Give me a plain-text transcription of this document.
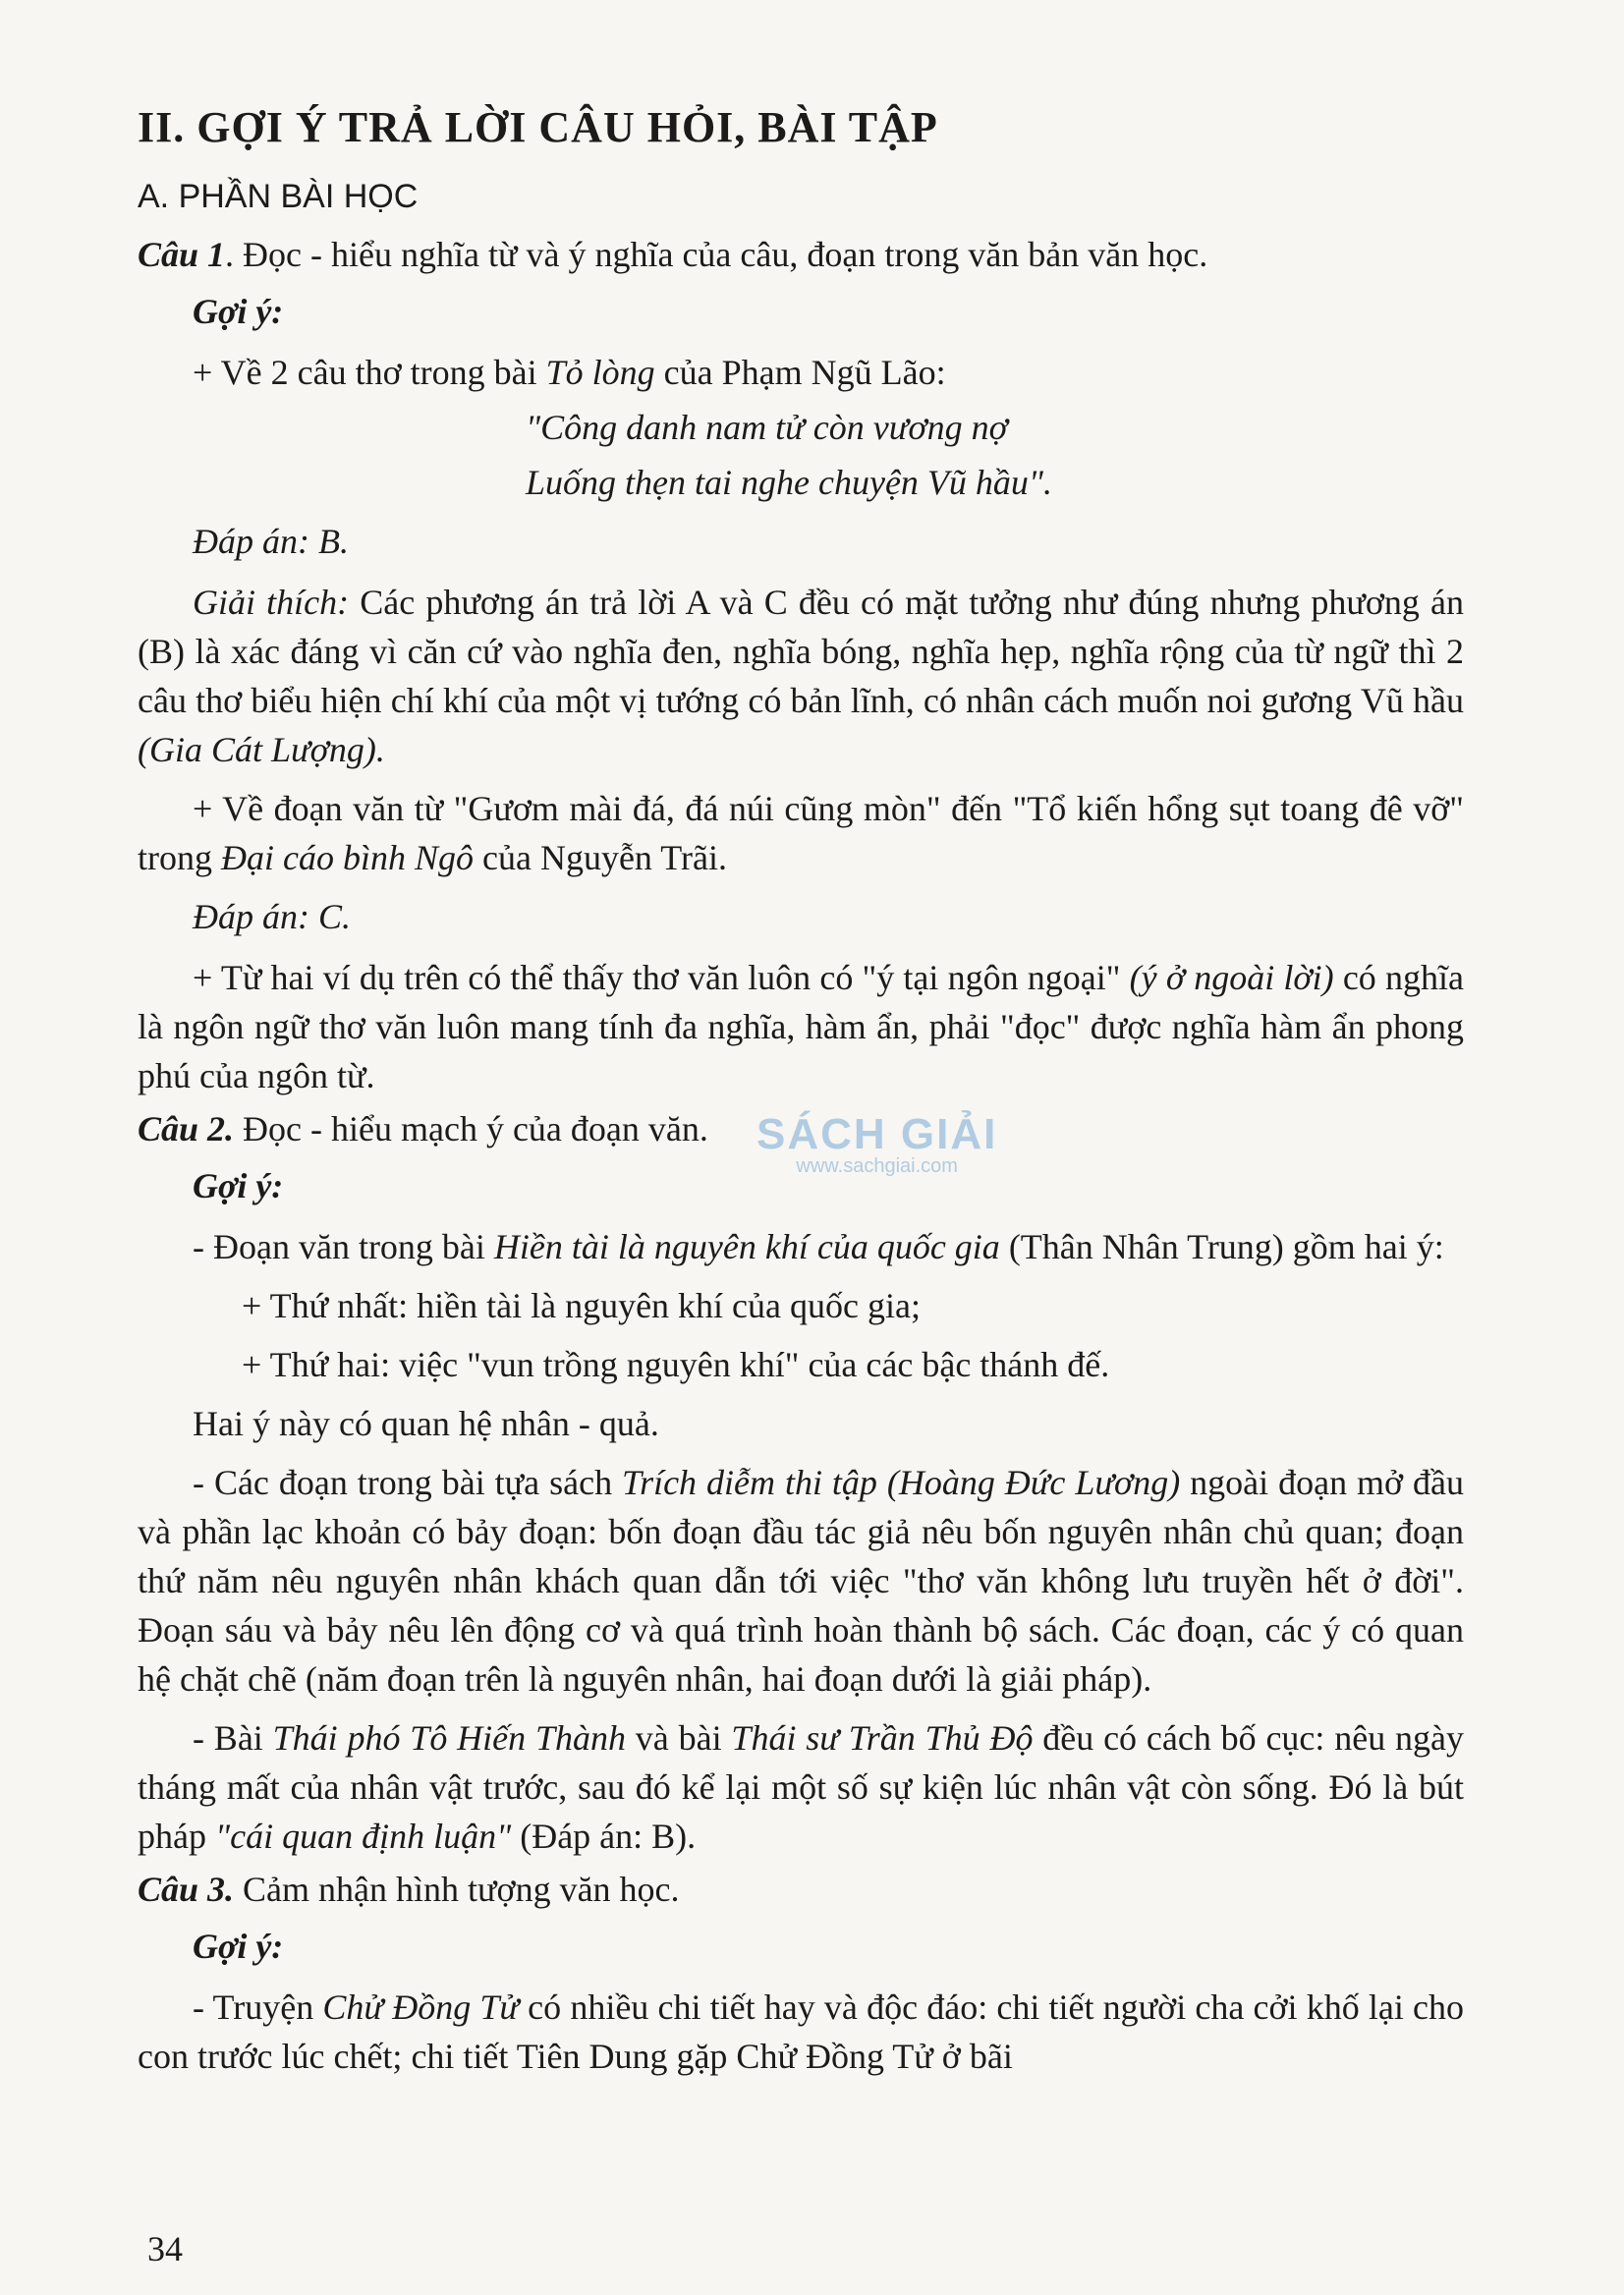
II. GỢI Ý TRẢ LỜI CÂU HỎI, BÀI TẬP
A. PHẦN BÀI HỌC

Câu 1. Đọc - hiểu nghĩa từ và ý nghĩa của câu, đoạn trong văn bản văn học.

Gợi ý:

+ Về 2 câu thơ trong bài Tỏ lòng của Phạm Ngũ Lão:

"Công danh nam tử còn vương nợ

Luống thẹn tai nghe chuyện Vũ hầu".

Đáp án: B.

Giải thích: Các phương án trả lời A và C đều có mặt tưởng như đúng nhưng phương án (B) là xác đáng vì căn cứ vào nghĩa đen, nghĩa bóng, nghĩa hẹp, nghĩa rộng của từ ngữ thì 2 câu thơ biểu hiện chí khí của một vị tướng có bản lĩnh, có nhân cách muốn noi gương Vũ hầu (Gia Cát Lượng).

+ Về đoạn văn từ "Gươm mài đá, đá núi cũng mòn" đến "Tổ kiến hổng sụt toang đê vỡ" trong Đại cáo bình Ngô của Nguyễn Trãi.

Đáp án: C.

+ Từ hai ví dụ trên có thể thấy thơ văn luôn có "ý tại ngôn ngoại" (ý ở ngoài lời) có nghĩa là ngôn ngữ thơ văn luôn mang tính đa nghĩa, hàm ẩn, phải "đọc" được nghĩa hàm ẩn phong phú của ngôn từ.

Câu 2. Đọc - hiểu mạch ý của đoạn văn.

Gợi ý:

- Đoạn văn trong bài Hiền tài là nguyên khí của quốc gia (Thân Nhân Trung) gồm hai ý:

+ Thứ nhất: hiền tài là nguyên khí của quốc gia;

+ Thứ hai: việc "vun trồng nguyên khí" của các bậc thánh đế.

Hai ý này có quan hệ nhân - quả.

- Các đoạn trong bài tựa sách Trích diễm thi tập (Hoàng Đức Lương) ngoài đoạn mở đầu và phần lạc khoản có bảy đoạn: bốn đoạn đầu tác giả nêu bốn nguyên nhân chủ quan; đoạn thứ năm nêu nguyên nhân khách quan dẫn tới việc "thơ văn không lưu truyền hết ở đời". Đoạn sáu và bảy nêu lên động cơ và quá trình hoàn thành bộ sách. Các đoạn, các ý có quan hệ chặt chẽ (năm đoạn trên là nguyên nhân, hai đoạn dưới là giải pháp).

- Bài Thái phó Tô Hiến Thành và bài Thái sư Trần Thủ Độ đều có cách bố cục: nêu ngày tháng mất của nhân vật trước, sau đó kể lại một số sự kiện lúc nhân vật còn sống. Đó là bút pháp "cái quan định luận" (Đáp án: B).

Câu 3. Cảm nhận hình tượng văn học.

Gợi ý:

- Truyện Chử Đồng Tử có nhiều chi tiết hay và độc đáo: chi tiết người cha cởi khố lại cho con trước lúc chết; chi tiết Tiên Dung gặp Chử Đồng Tử ở bãi

SÁCH GIẢI
www.sachgiai.com
34
